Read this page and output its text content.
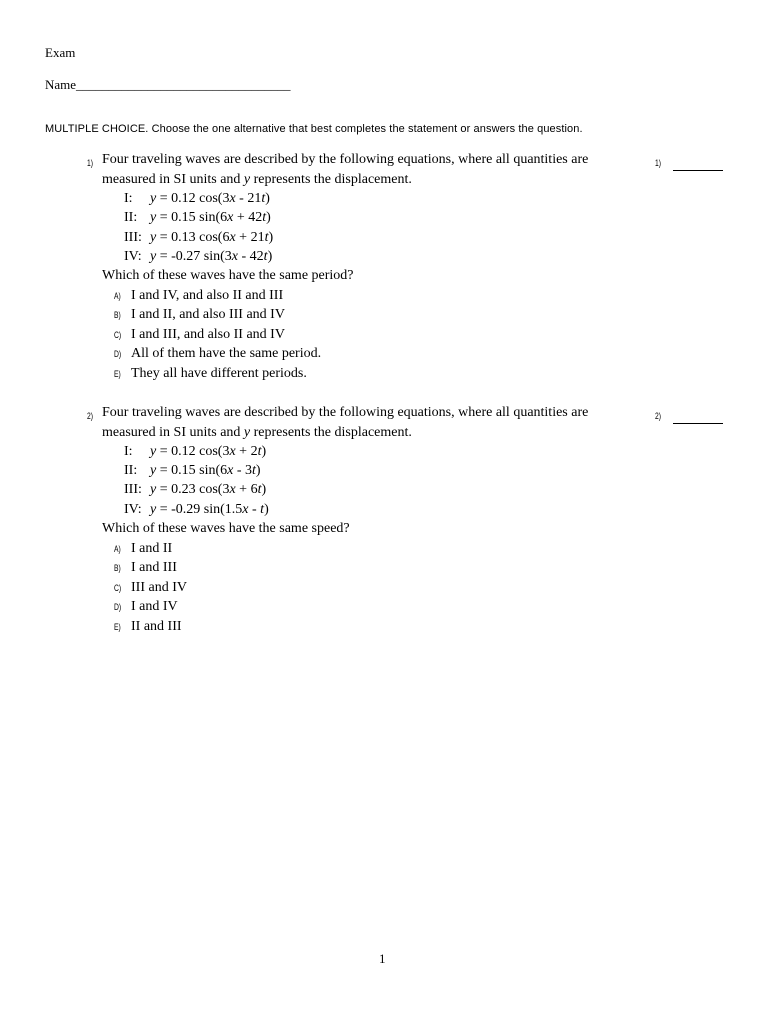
Exam
Name_________________________________
MULTIPLE CHOICE. Choose the one alternative that best completes the statement or answers the question.
1) Four traveling waves are described by the following equations, where all quantities are
measured in SI units and y represents the displacement.
I: y = 0.12 cos(3x - 21t)
II: y = 0.15 sin(6x + 42t)
III: y = 0.13 cos(6x + 21t)
IV: y = -0.27 sin(3x - 42t)
Which of these waves have the same period?
A) I and IV, and also II and III
B) I and II, and also III and IV
C) I and III, and also II and IV
D) All of them have the same period.
E) They all have different periods.
1)
2) Four traveling waves are described by the following equations, where all quantities are
measured in SI units and y represents the displacement.
I: y = 0.12 cos(3x + 2t)
II: y = 0.15 sin(6x - 3t)
III: y = 0.23 cos(3x + 6t)
IV: y = -0.29 sin(1.5x - t)
Which of these waves have the same speed?
A) I and II
B) I and III
C) III and IV
D) I and IV
E) II and III
2)
1
